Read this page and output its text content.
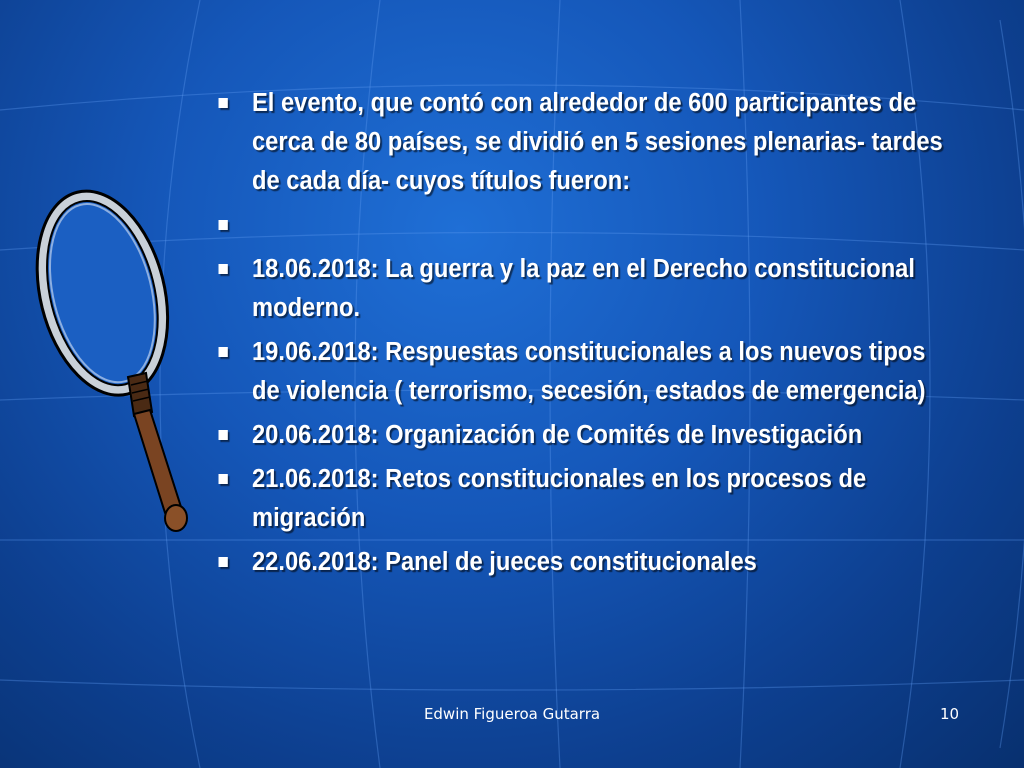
El evento, que contó con alrededor de 600 participantes de cerca de 80 países, se dividió en 5 sesiones plenarias- tardes de cada día- cuyos títulos fueron:
18.06.2018: La guerra y la paz en el Derecho constitucional moderno.
19.06.2018: Respuestas constitucionales a los nuevos tipos de violencia ( terrorismo, secesión, estados de emergencia)
20.06.2018: Organización de Comités de Investigación
21.06.2018: Retos constitucionales en los procesos de migración
22.06.2018: Panel de jueces constitucionales
Edwin Figueroa Gutarra	10
